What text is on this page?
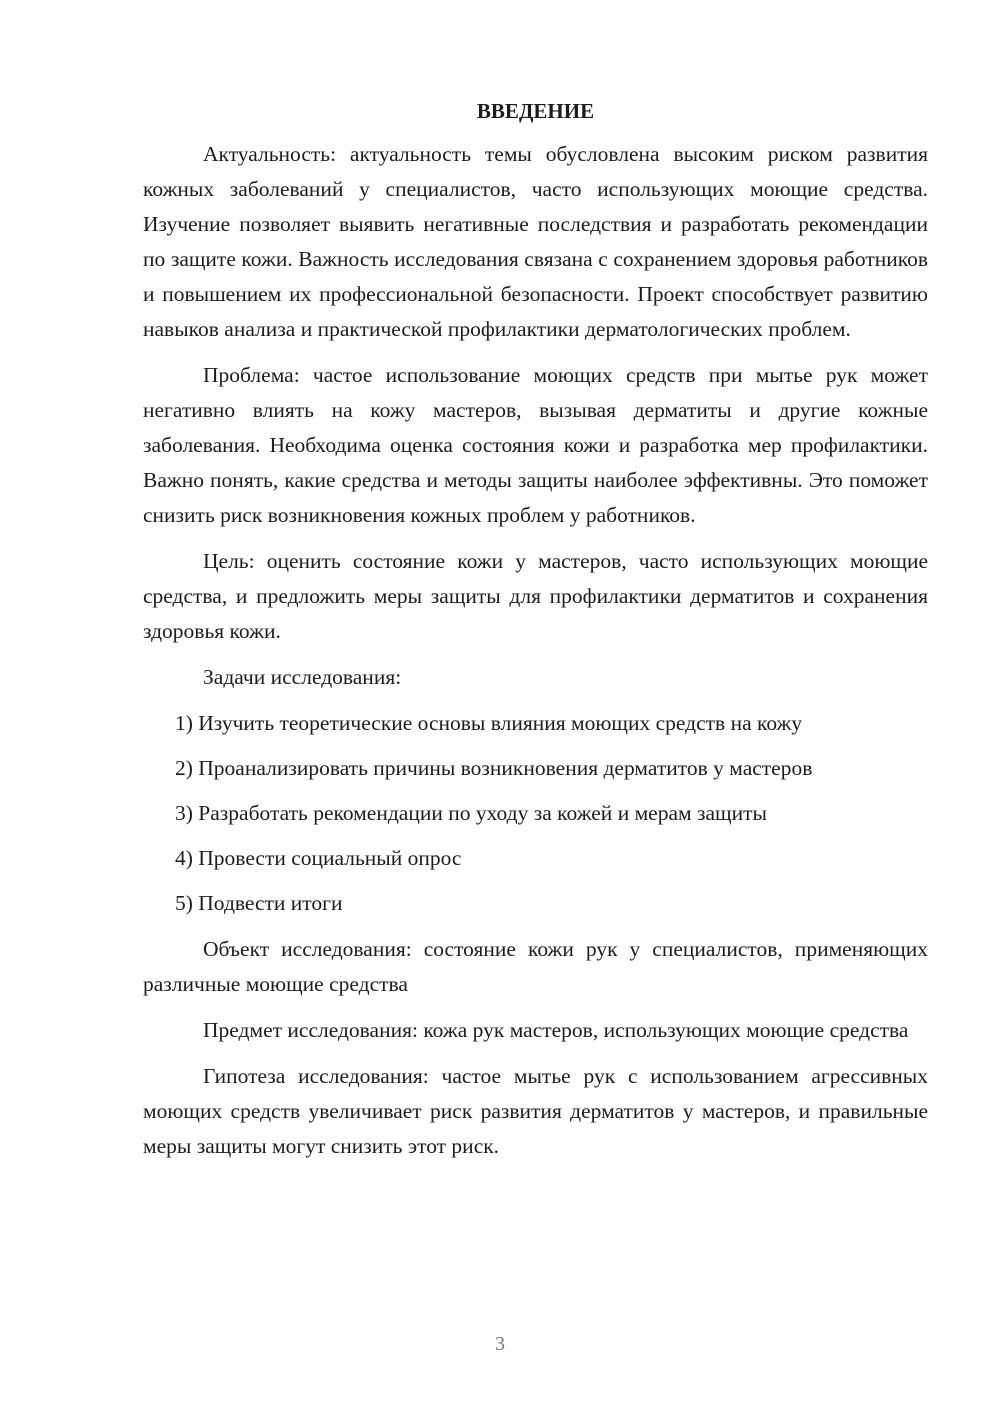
ВВЕДЕНИЕ

Актуальность: актуальность темы обусловлена высоким риском развития кожных заболеваний у специалистов, часто использующих моющие средства. Изучение позволяет выявить негативные последствия и разработать рекомендации по защите кожи. Важность исследования связана с сохранением здоровья работников и повышением их профессиональной безопасности. Проект способствует развитию навыков анализа и практической профилактики дерматологических проблем.

Проблема: частое использование моющих средств при мытье рук может негативно влиять на кожу мастеров, вызывая дерматиты и другие кожные заболевания. Необходима оценка состояния кожи и разработка мер профилактики. Важно понять, какие средства и методы защиты наиболее эффективны. Это поможет снизить риск возникновения кожных проблем у работников.

Цель: оценить состояние кожи у мастеров, часто использующих моющие средства, и предложить меры защиты для профилактики дерматитов и сохранения здоровья кожи.

Задачи исследования:
1) Изучить теоретические основы влияния моющих средств на кожу
2) Проанализировать причины возникновения дерматитов у мастеров
3) Разработать рекомендации по уходу за кожей и мерам защиты
4) Провести социальный опрос
5) Подвести итоги

Объект исследования: состояние кожи рук у специалистов, применяющих различные моющие средства

Предмет исследования: кожа рук мастеров, использующих моющие средства

Гипотеза исследования: частое мытье рук с использованием агрессивных моющих средств увеличивает риск развития дерматитов у мастеров, и правильные меры защиты могут снизить этот риск.

3
